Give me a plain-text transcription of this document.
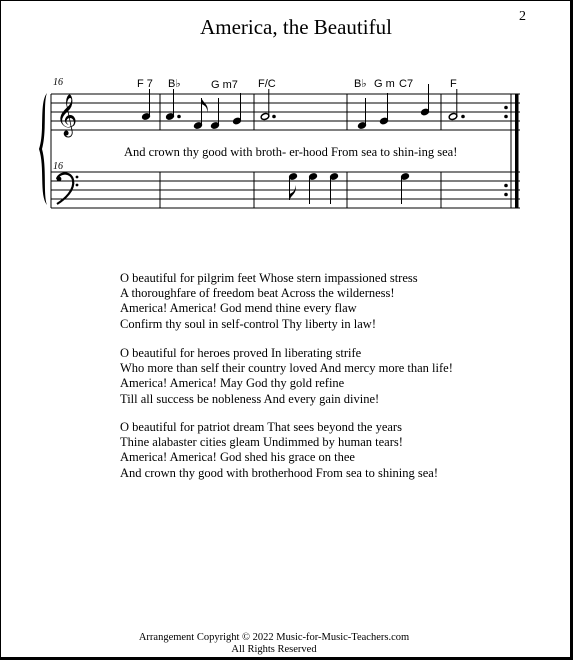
America, the Beautiful	2
16
16
F 7 B♭	G m7 F/C	B♭ G m C7	F
𝄞
And crown thy good with broth- er-hood From sea to shin-ing sea!
O beautiful for pilgrim feet Whose stern impassioned stress
A thoroughfare of freedom beat Across the wilderness!
America! America! God mend thine every flaw
Confirm thy soul in self-control Thy liberty in law!
O beautiful for heroes proved In liberating strife
Who more than self their country loved And mercy more than life!
America! America! May God thy gold refine
Till all success be nobleness And every gain divine!
O beautiful for patriot dream That sees beyond the years
Thine alabaster cities gleam Undimmed by human tears!
America! America! God shed his grace on thee
And crown thy good with brotherhood From sea to shining sea!
Arrangement Copyright © 2022 Music-for-Music-Teachers.com
All Rights Reserved
